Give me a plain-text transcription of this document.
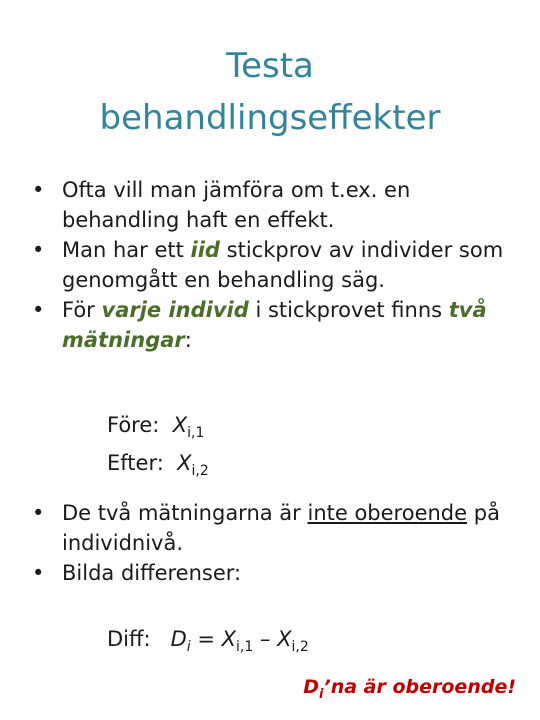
Testa
behandlingseffekter
• Ofta vill man jämföra om t.ex. en behandling haft en effekt.
• Man har ett iid stickprov av individer som genomgått en behandling säg.
• För varje individ i stickprovet finns två mätningar:
Före: $X_{i,1}$
Efter: $X_{i,2}$
• De två mätningarna är inte oberoende på individnivå.
• Bilda differenser:
Diff: $D_i = X_{i,1} - X_{i,2}$
$D_i’na$ är oberoende!
